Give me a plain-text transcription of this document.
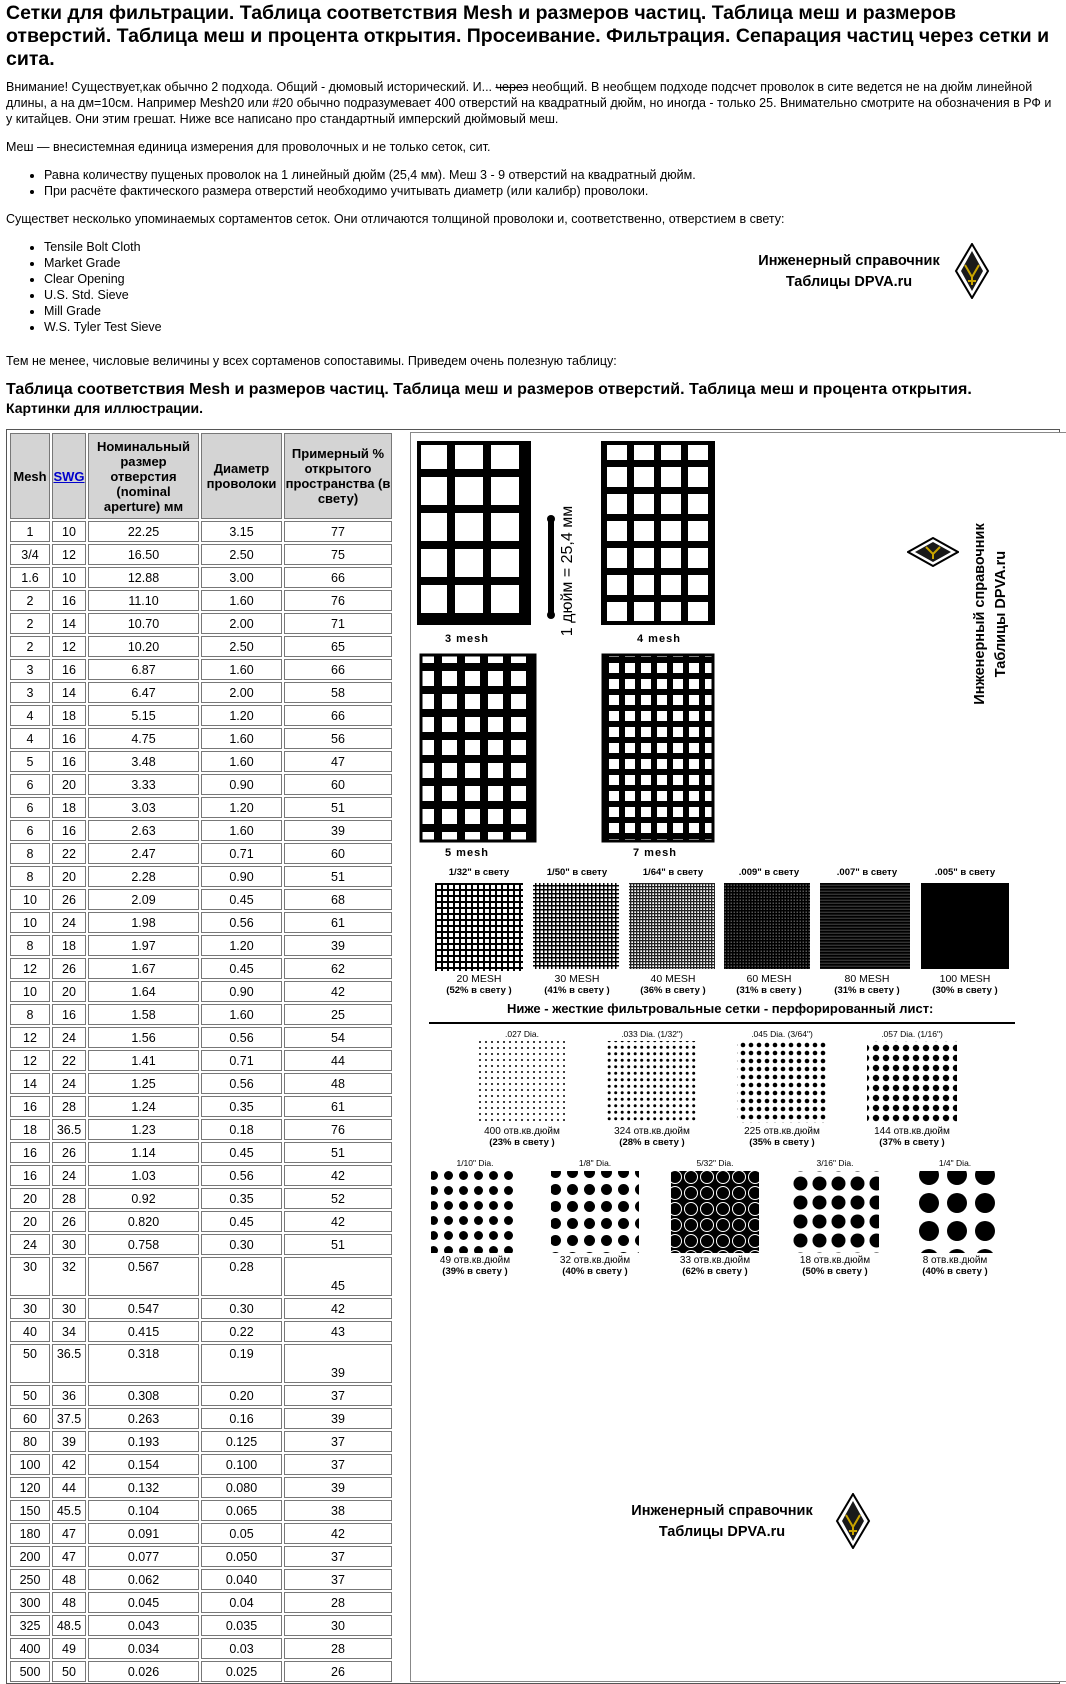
Сетки для фильтрации. Таблица соответствия Mesh и размеров частиц. Таблица меш и размеров отверстий. Таблица меш и процента открытия. Просеивание. Фильтрация. Сепарация частиц через сетки и сита.

Внимание! Существует,как обычно 2 подхода. Общий - дюмовый исторический. И... через необщий. В необщем подходе подсчет проволок в сите ведется не на дюйм линейной длины, а на дм=10см. Например Mesh20 или #20 обычно подразумевает 400 отверстий на квадратный дюйм, но иногда - только 25. Внимательно смотрите на обозначения в РФ и у китайцев. Они этим грешат. Ниже все написано про стандартный имперский дюймовый меш.

Меш — внесистемная единица измерения для проволочных и не только сеток, сит.

• Равна количеству пущеных проволок на 1 линейный дюйм (25,4 мм). Меш 3 - 9 отверстий на квадратный дюйм.
• При расчёте фактического размера отверстий необходимо учитывать диаметр (или калибр) проволоки.

Существет несколько упоминаемых сортаментов сеток. Они отличаются толщиной проволоки и, соответственно, отверстием в свету:

• Tensile Bolt Cloth
• Market Grade
• Clear Opening
• U.S. Std. Sieve
• Mill Grade
• W.S. Tyler Test Sieve
Инженерный справочник
Таблицы DPVA.ru

Тем не менее, числовые величины у всех сортаменов сопоставимы. Приведем очень полезную таблицу:

Таблица соответствия Mesh и размеров частиц. Таблица меш и размеров отверстий. Таблица меш и процента открытия.
Картинки для иллюстрации.
Mesh	SWG	Номинальный размер отверстия (nominal aperture) мм	Диаметр проволоки	Примерный % открытого пространства (в свету)
1	10	22.25	3.15	77
3/4	12	16.50	2.50	75
1.6	10	12.88	3.00	66
2	16	11.10	1.60	76
2	14	10.70	2.00	71
2	12	10.20	2.50	65
3	16	6.87	1.60	66
3	14	6.47	2.00	58
4	18	5.15	1.20	66
4	16	4.75	1.60	56
5	16	3.48	1.60	47
6	20	3.33	0.90	60
6	18	3.03	1.20	51
6	16	2.63	1.60	39
8	22	2.47	0.71	60
8	20	2.28	0.90	51
10	26	2.09	0.45	68
10	24	1.98	0.56	61
8	18	1.97	1.20	39
12	26	1.67	0.45	62
10	20	1.64	0.90	42
8	16	1.58	1.60	25
12	24	1.56	0.56	54
12	22	1.41	0.71	44
14	24	1.25	0.56	48
16	28	1.24	0.35	61
18	36.5	1.23	0.18	76
16	26	1.14	0.45	51
16	24	1.03	0.56	42
20	28	0.92	0.35	52
20	26	0.820	0.45	42
24	30	0.758	0.30	51
30	32	0.567	0.28	45
30	30	0.547	0.30	42
40	34	0.415	0.22	43
50	36.5	0.318	0.19	39
50	36	0.308	0.20	37
60	37.5	0.263	0.16	39
80	39	0.193	0.125	37
100	42	0.154	0.100	37
120	44	0.132	0.080	39
150	45.5	0.104	0.065	38
180	47	0.091	0.05	42
200	47	0.077	0.050	37
250	48	0.062	0.040	37
300	48	0.045	0.04	28
325	48.5	0.043	0.035	30
400	49	0.034	0.03	28
500	50	0.026	0.025	26
1 дюйм = 25,4 мм
3 mesh	4 mesh
5 mesh	7 mesh
Инженерный справочник Таблицы DPVA.ru
1/32" в свету	1/50" в свету	1/64" в свету	.009" в свету	.007" в свету	.005" в свету
20 MESH	30 MESH	40 MESH	60 MESH	80 MESH	100 MESH
(52% в свету )	(41% в свету )	(36% в свету )	(31% в свету )	(31% в свету )	(30% в свету )
Ниже - жесткие фильтровальные сетки - перфорированный лист:
.027 Dia.	.033 Dia. (1/32")	.045 Dia. (3/64")	.057 Dia. (1/16")
400 отв.кв.дюйм	324 отв.кв.дюйм	225 отв.кв.дюйм	144 отв.кв.дюйм
(23% в свету )	(28% в свету )	(35% в свету )	(37% в свету )
1/10" Dia.	1/8" Dia.	5/32" Dia.	3/16" Dia.	1/4" Dia.
49 отв.кв.дюйм	32 отв.кв.дюйм	33 отв.кв.дюйм	18 отв.кв.дюйм	8 отв.кв.дюйм
(39% в свету )	(40% в свету )	(62% в свету )	(50% в свету )	(40% в свету )
Инженерный справочник
Таблицы DPVA.ru
